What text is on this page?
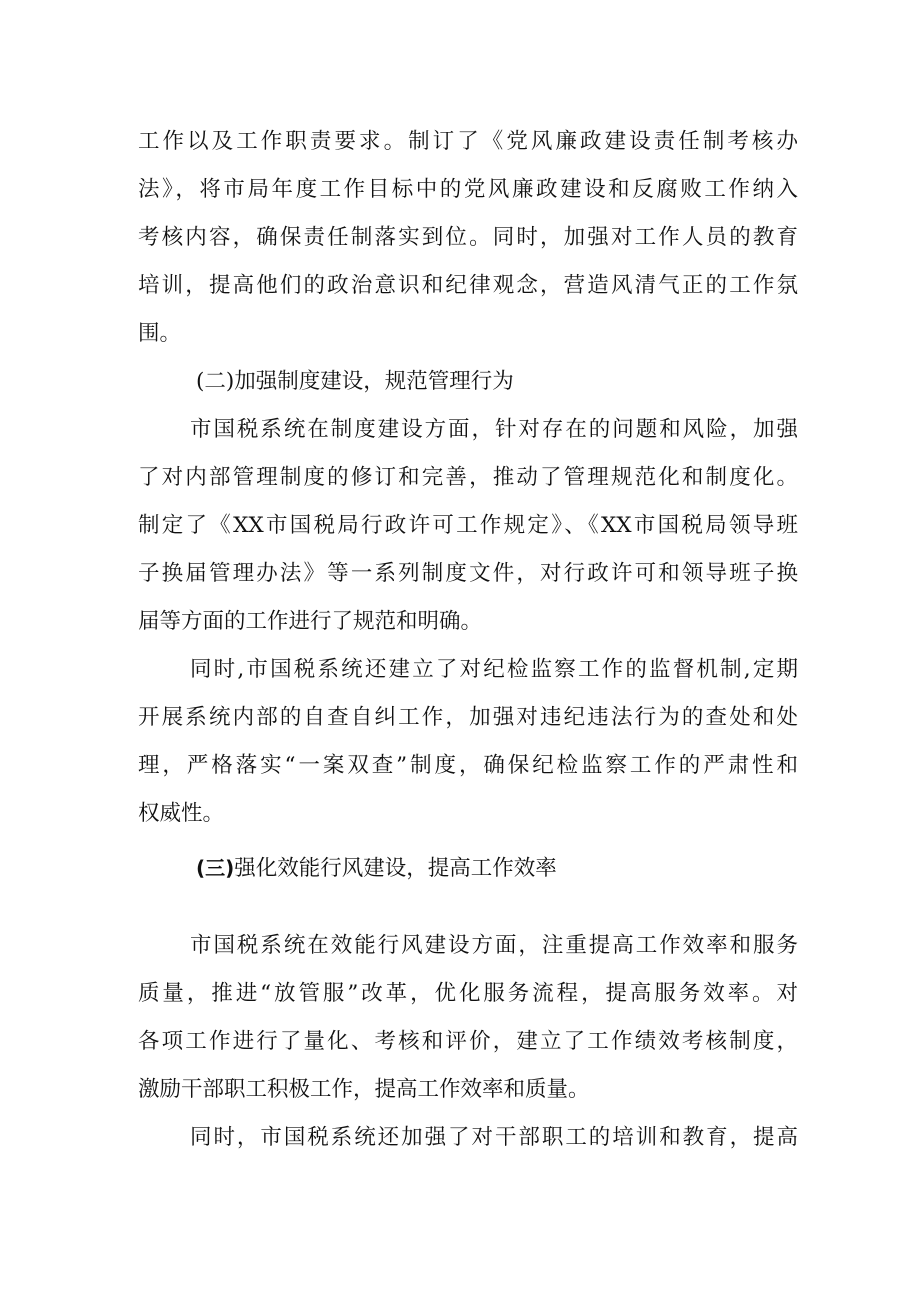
工作以及工作职责要求。制订了《党风廉政建设责任制考核办
法》，将市局年度工作目标中的党风廉政建设和反腐败工作纳入
考核内容，确保责任制落实到位。同时，加强对工作人员的教育
培训，提高他们的政治意识和纪律观念，营造风清气正的工作氛
围。
(二)加强制度建设，规范管理行为
市国税系统在制度建设方面，针对存在的问题和风险，加强
了对内部管理制度的修订和完善，推动了管理规范化和制度化。
制定了《XX市国税局行政许可工作规定》、《XX市国税局领导班
子换届管理办法》等一系列制度文件，对行政许可和领导班子换
届等方面的工作进行了规范和明确。
同时,市国税系统还建立了对纪检监察工作的监督机制,定期
开展系统内部的自查自纠工作，加强对违纪违法行为的查处和处
理，严格落实“一案双查”制度，确保纪检监察工作的严肃性和
权威性。
(三)强化效能行风建设，提高工作效率
市国税系统在效能行风建设方面，注重提高工作效率和服务
质量，推进“放管服”改革，优化服务流程，提高服务效率。对
各项工作进行了量化、考核和评价，建立了工作绩效考核制度，
激励干部职工积极工作，提高工作效率和质量。
同时，市国税系统还加强了对干部职工的培训和教育，提高
